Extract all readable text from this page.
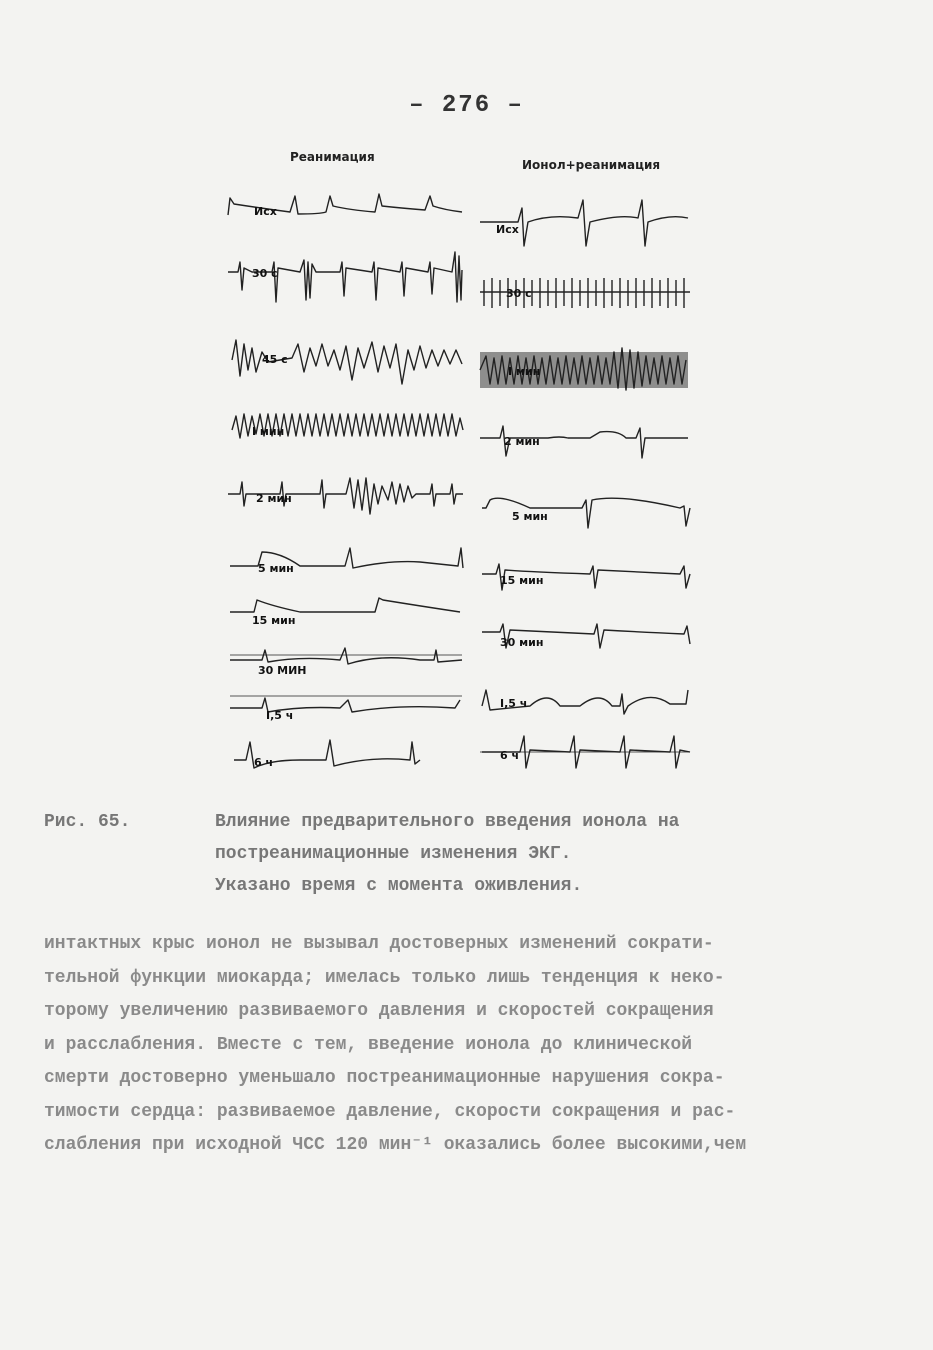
– 276 –
Реанимация
Ионол+реанимация
Исх
30 с
45 с
I мин
2 мин
5 мин
15 мин
30 МИН
I,5 ч
6 ч
Исх
30 с
I мин
2 мин
5 мин
15 мин
30 мин
I,5 ч
6 ч
Рис. 65.	Влияние предварительного введения ионола на
постреанимационные изменения ЭКГ.
Указано время с момента оживления.
интактных крыс ионол не вызывал достоверных изменений сократи-
тельной функции миокарда; имелась только лишь тенденция к неко-
торому увеличению развиваемого давления и скоростей сокращения
и расслабления. Вместе с тем, введение ионола до клинической
смерти достоверно уменьшало постреанимационные нарушения сокра-
тимости сердца: развиваемое давление, скорости сокращения и рас-
слабления при исходной ЧСС 120 мин⁻¹ оказались более высокими,чем
